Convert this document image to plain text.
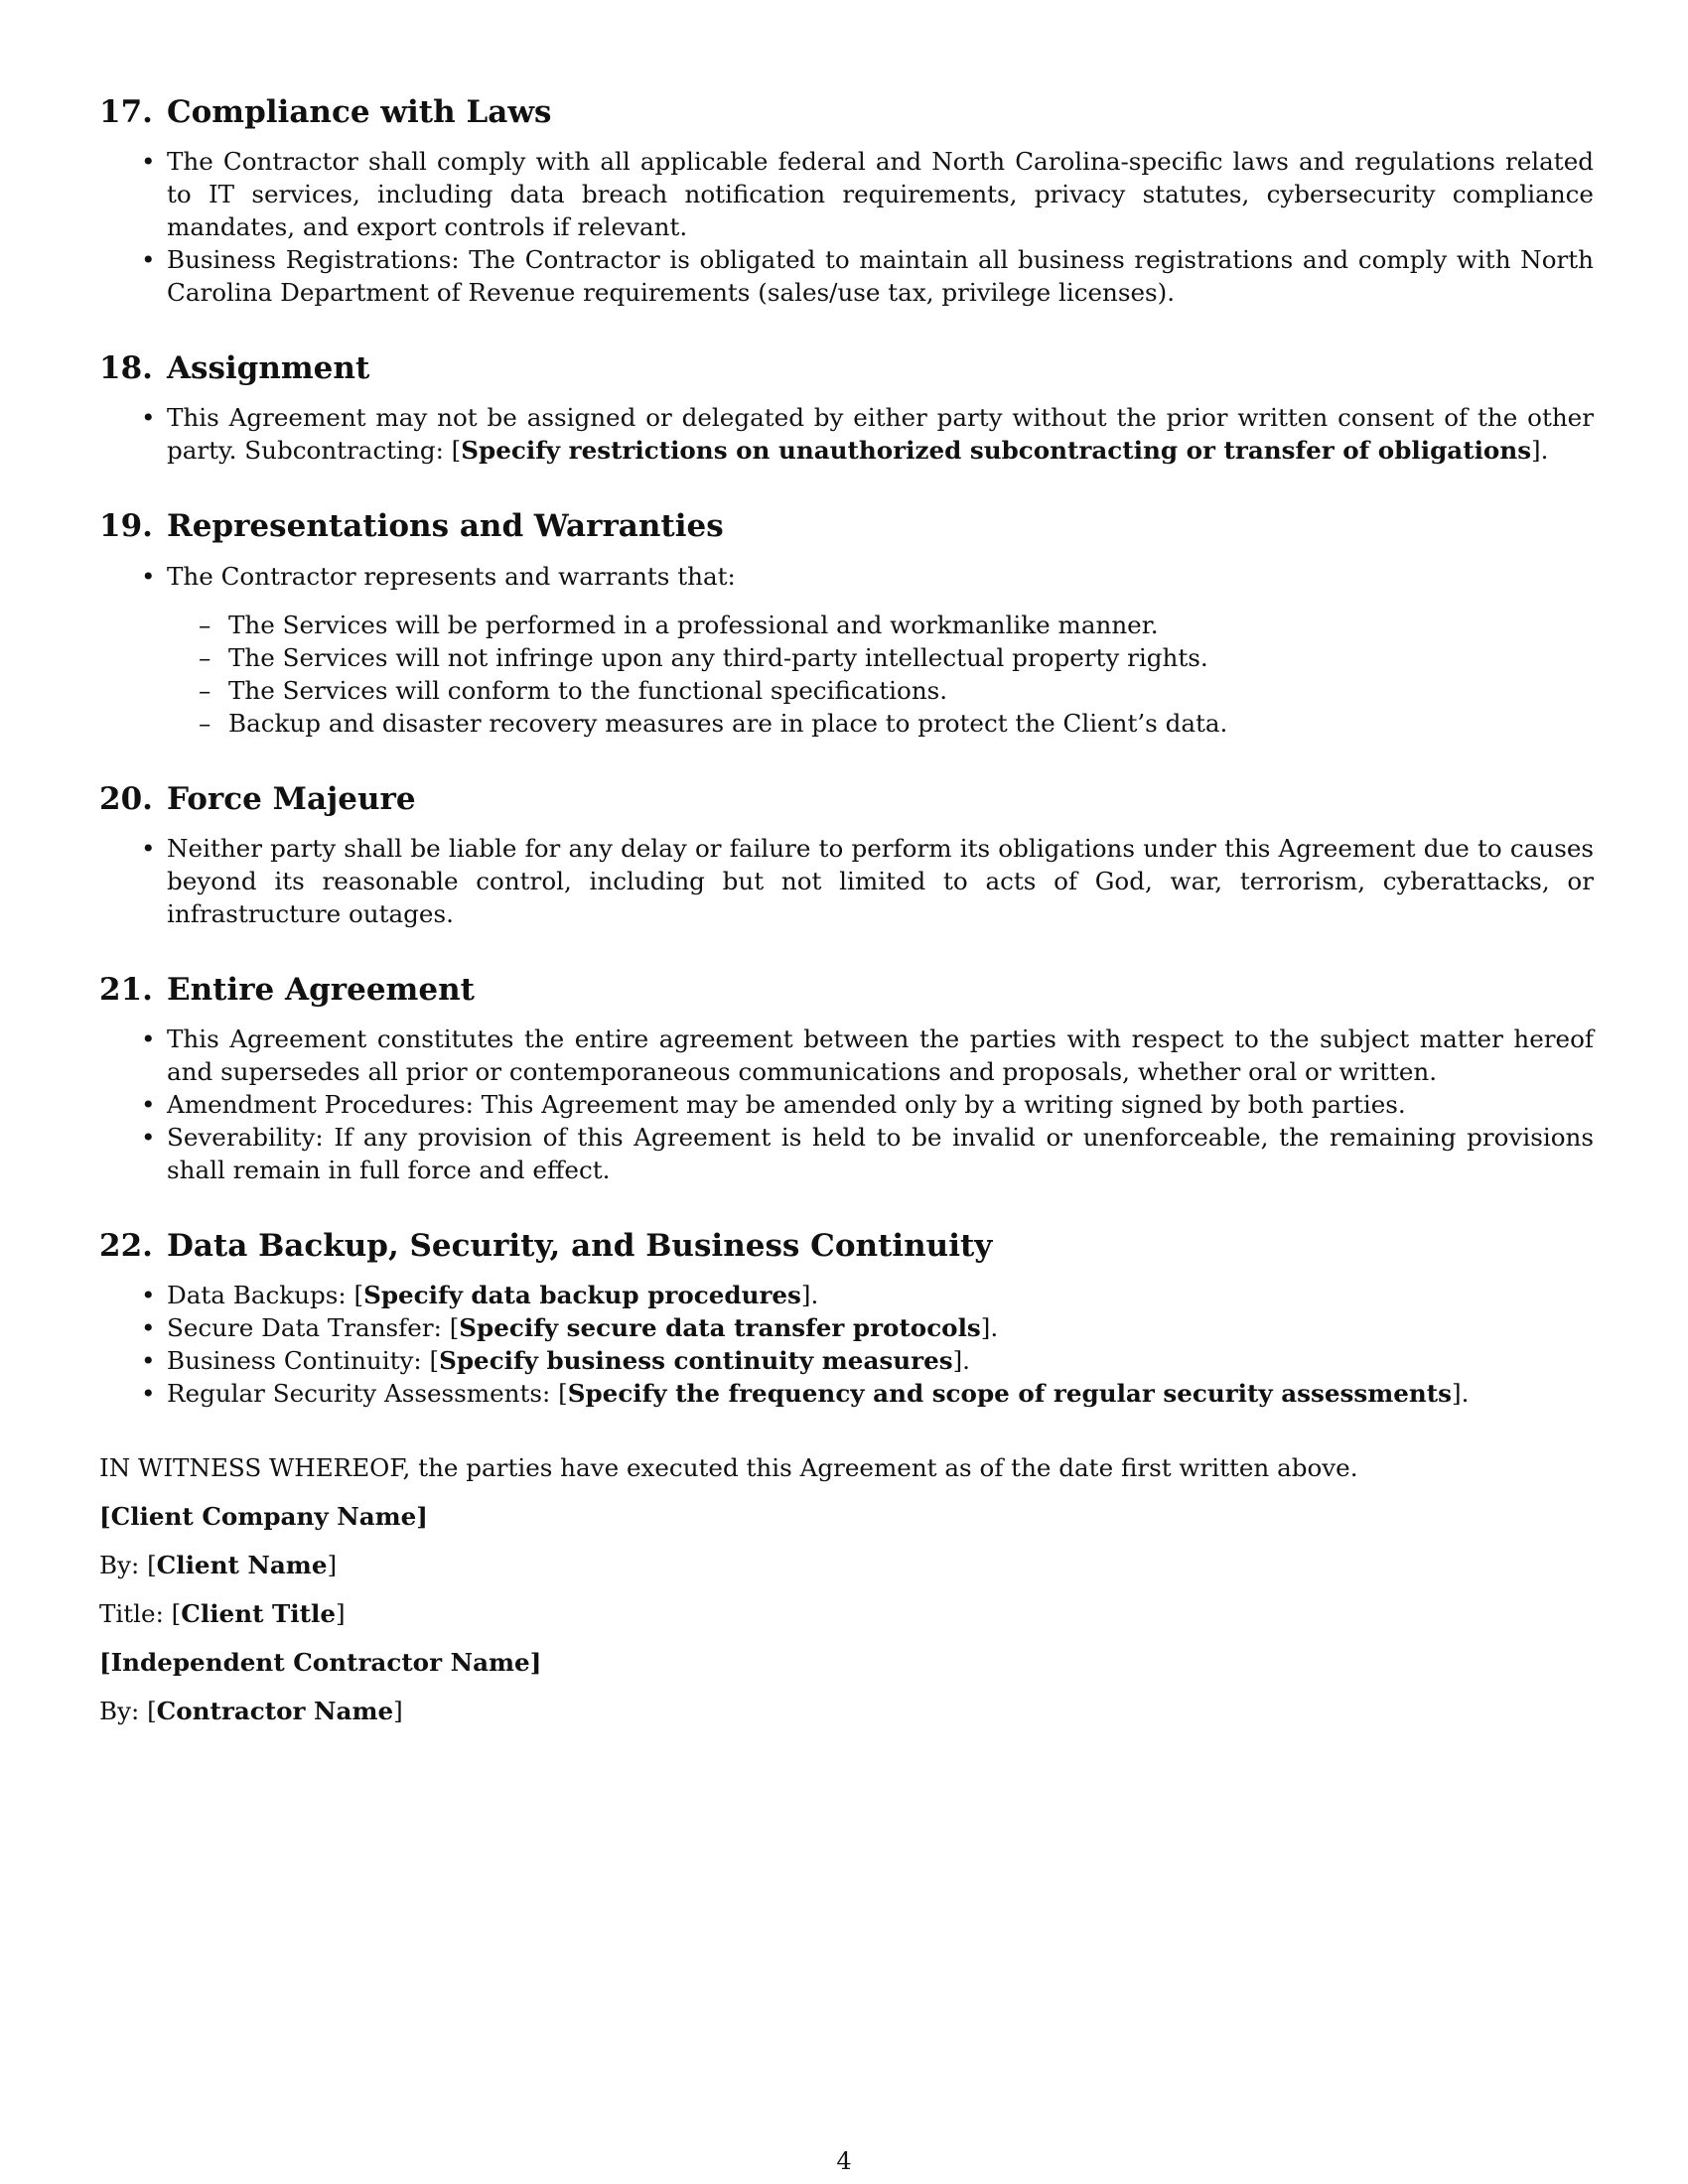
17. Compliance with Laws
• The Contractor shall comply with all applicable federal and North Carolina-specific laws and regulations related to IT services, including data breach notification requirements, privacy statutes, cybersecurity compliance mandates, and export controls if relevant.
• Business Registrations: The Contractor is obligated to maintain all business registrations and comply with North Carolina Department of Revenue requirements (sales/use tax, privilege licenses).
18. Assignment
• This Agreement may not be assigned or delegated by either party without the prior written consent of the other party. Subcontracting: [Specify restrictions on unauthorized subcontracting or transfer of obligations].
19. Representations and Warranties
• The Contractor represents and warrants that:
– The Services will be performed in a professional and workmanlike manner.
– The Services will not infringe upon any third-party intellectual property rights.
– The Services will conform to the functional specifications.
– Backup and disaster recovery measures are in place to protect the Client’s data.
20. Force Majeure
• Neither party shall be liable for any delay or failure to perform its obligations under this Agreement due to causes beyond its reasonable control, including but not limited to acts of God, war, terrorism, cyberattacks, or infrastructure outages.
21. Entire Agreement
• This Agreement constitutes the entire agreement between the parties with respect to the subject matter hereof and supersedes all prior or contemporaneous communications and proposals, whether oral or written.
• Amendment Procedures: This Agreement may be amended only by a writing signed by both parties.
• Severability: If any provision of this Agreement is held to be invalid or unenforceable, the remaining provisions shall remain in full force and effect.
22. Data Backup, Security, and Business Continuity
• Data Backups: [Specify data backup procedures].
• Secure Data Transfer: [Specify secure data transfer protocols].
• Business Continuity: [Specify business continuity measures].
• Regular Security Assessments: [Specify the frequency and scope of regular security assessments].

IN WITNESS WHEREOF, the parties have executed this Agreement as of the date first written above.

[Client Company Name]

By: [Client Name]

Title: [Client Title]

[Independent Contractor Name]

By: [Contractor Name]

4
